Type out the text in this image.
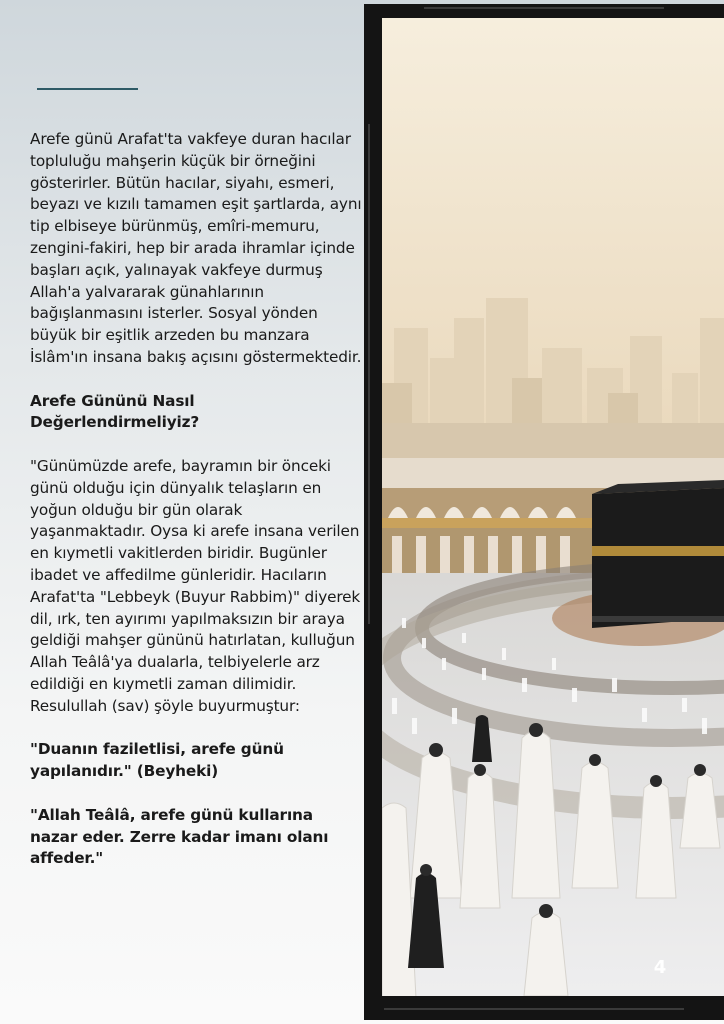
Arefe günü Arafat'ta vakfeye duran hacılar topluluğu mahşerin küçük bir örneğini gösterirler. Bütün hacılar, siyahı, esmeri, beyazı ve kızılı tamamen eşit şartlarda, aynı tip elbiseye bürünmüş, emîri-memuru, zengini-fakiri, hep bir arada ihramlar içinde başları açık, yalınayak vakfeye durmuş Allah'a yalvararak günahlarının bağışlanmasını isterler. Sosyal yönden büyük bir eşitlik arzeden bu manzara İslâm'ın insana bakış açısını göstermektedir.

Arefe Gününü Nasıl Değerlendirmeliyiz?

"Günümüzde arefe, bayramın bir önceki günü olduğu için dünyalık telaşların en yoğun olduğu bir gün olarak yaşanmaktadır. Oysa ki arefe insana verilen en kıymetli vakitlerden biridir. Bugünler ibadet ve affedilme günleridir. Hacıların Arafat'ta "Lebbeyk (Buyur Rabbim)" diyerek dil, ırk, ten ayırımı yapılmaksızın bir araya geldiği mahşer gününü hatırlatan, kulluğun Allah Teâlâ'ya dualarla, telbiyelerle arz edildiği en kıymetli zaman dilimidir. Resulullah (sav) şöyle buyurmuştur:

"Duanın faziletlisi, arefe günü yapılanıdır." (Beyheki)

"Allah Teâlâ, arefe günü kullarına nazar eder. Zerre kadar imanı olanı affeder."

4
